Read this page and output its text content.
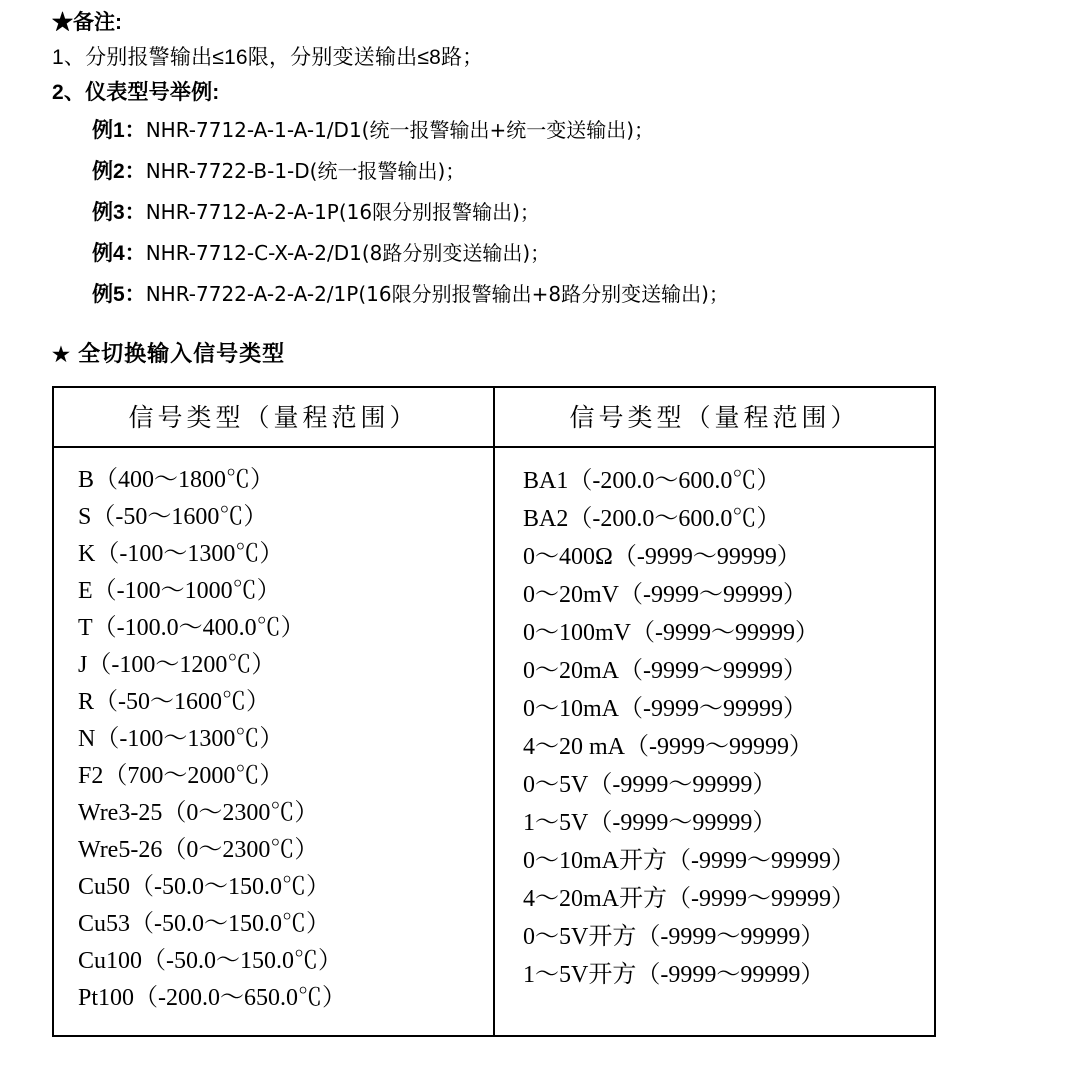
★备注:
1、分别报警输出≤16限，分别变送输出≤8路；
2、仪表型号举例:
例1：NHR-7712-A-1-A-1/D1(统一报警输出+统一变送输出)；
例2：NHR-7722-B-1-D(统一报警输出)；
例3：NHR-7712-A-2-A-1P(16限分别报警输出)；
例4：NHR-7712-C-X-A-2/D1(8路分别变送输出)；
例5：NHR-7722-A-2-A-2/1P(16限分别报警输出+8路分别变送输出)；
★ 全切换输入信号类型
信号类型（量程范围）	信号类型（量程范围）

B（400～1800℃）
S（-50～1600℃）
K（-100～1300℃）
E（-100～1000℃）
T（-100.0～400.0℃）
J（-100～1200℃）
R（-50～1600℃）
N（-100～1300℃）
F2（700～2000℃）
Wre3-25（0～2300℃）
Wre5-26（0～2300℃）
Cu50（-50.0～150.0℃）
Cu53（-50.0～150.0℃）
Cu100（-50.0～150.0℃）
Pt100（-200.0～650.0℃）

BA1（-200.0～600.0℃）
BA2（-200.0～600.0℃）
0～400Ω（-9999～99999）
0～20mV（-9999～99999）
0～100mV（-9999～99999）
0～20mA（-9999～99999）
0～10mA（-9999～99999）
4～20 mA（-9999～99999）
0～5V（-9999～99999）
1～5V（-9999～99999）
0～10mA开方（-9999～99999）
4～20mA开方（-9999～99999）
0～5V开方（-9999～99999）
1～5V开方（-9999～99999）
